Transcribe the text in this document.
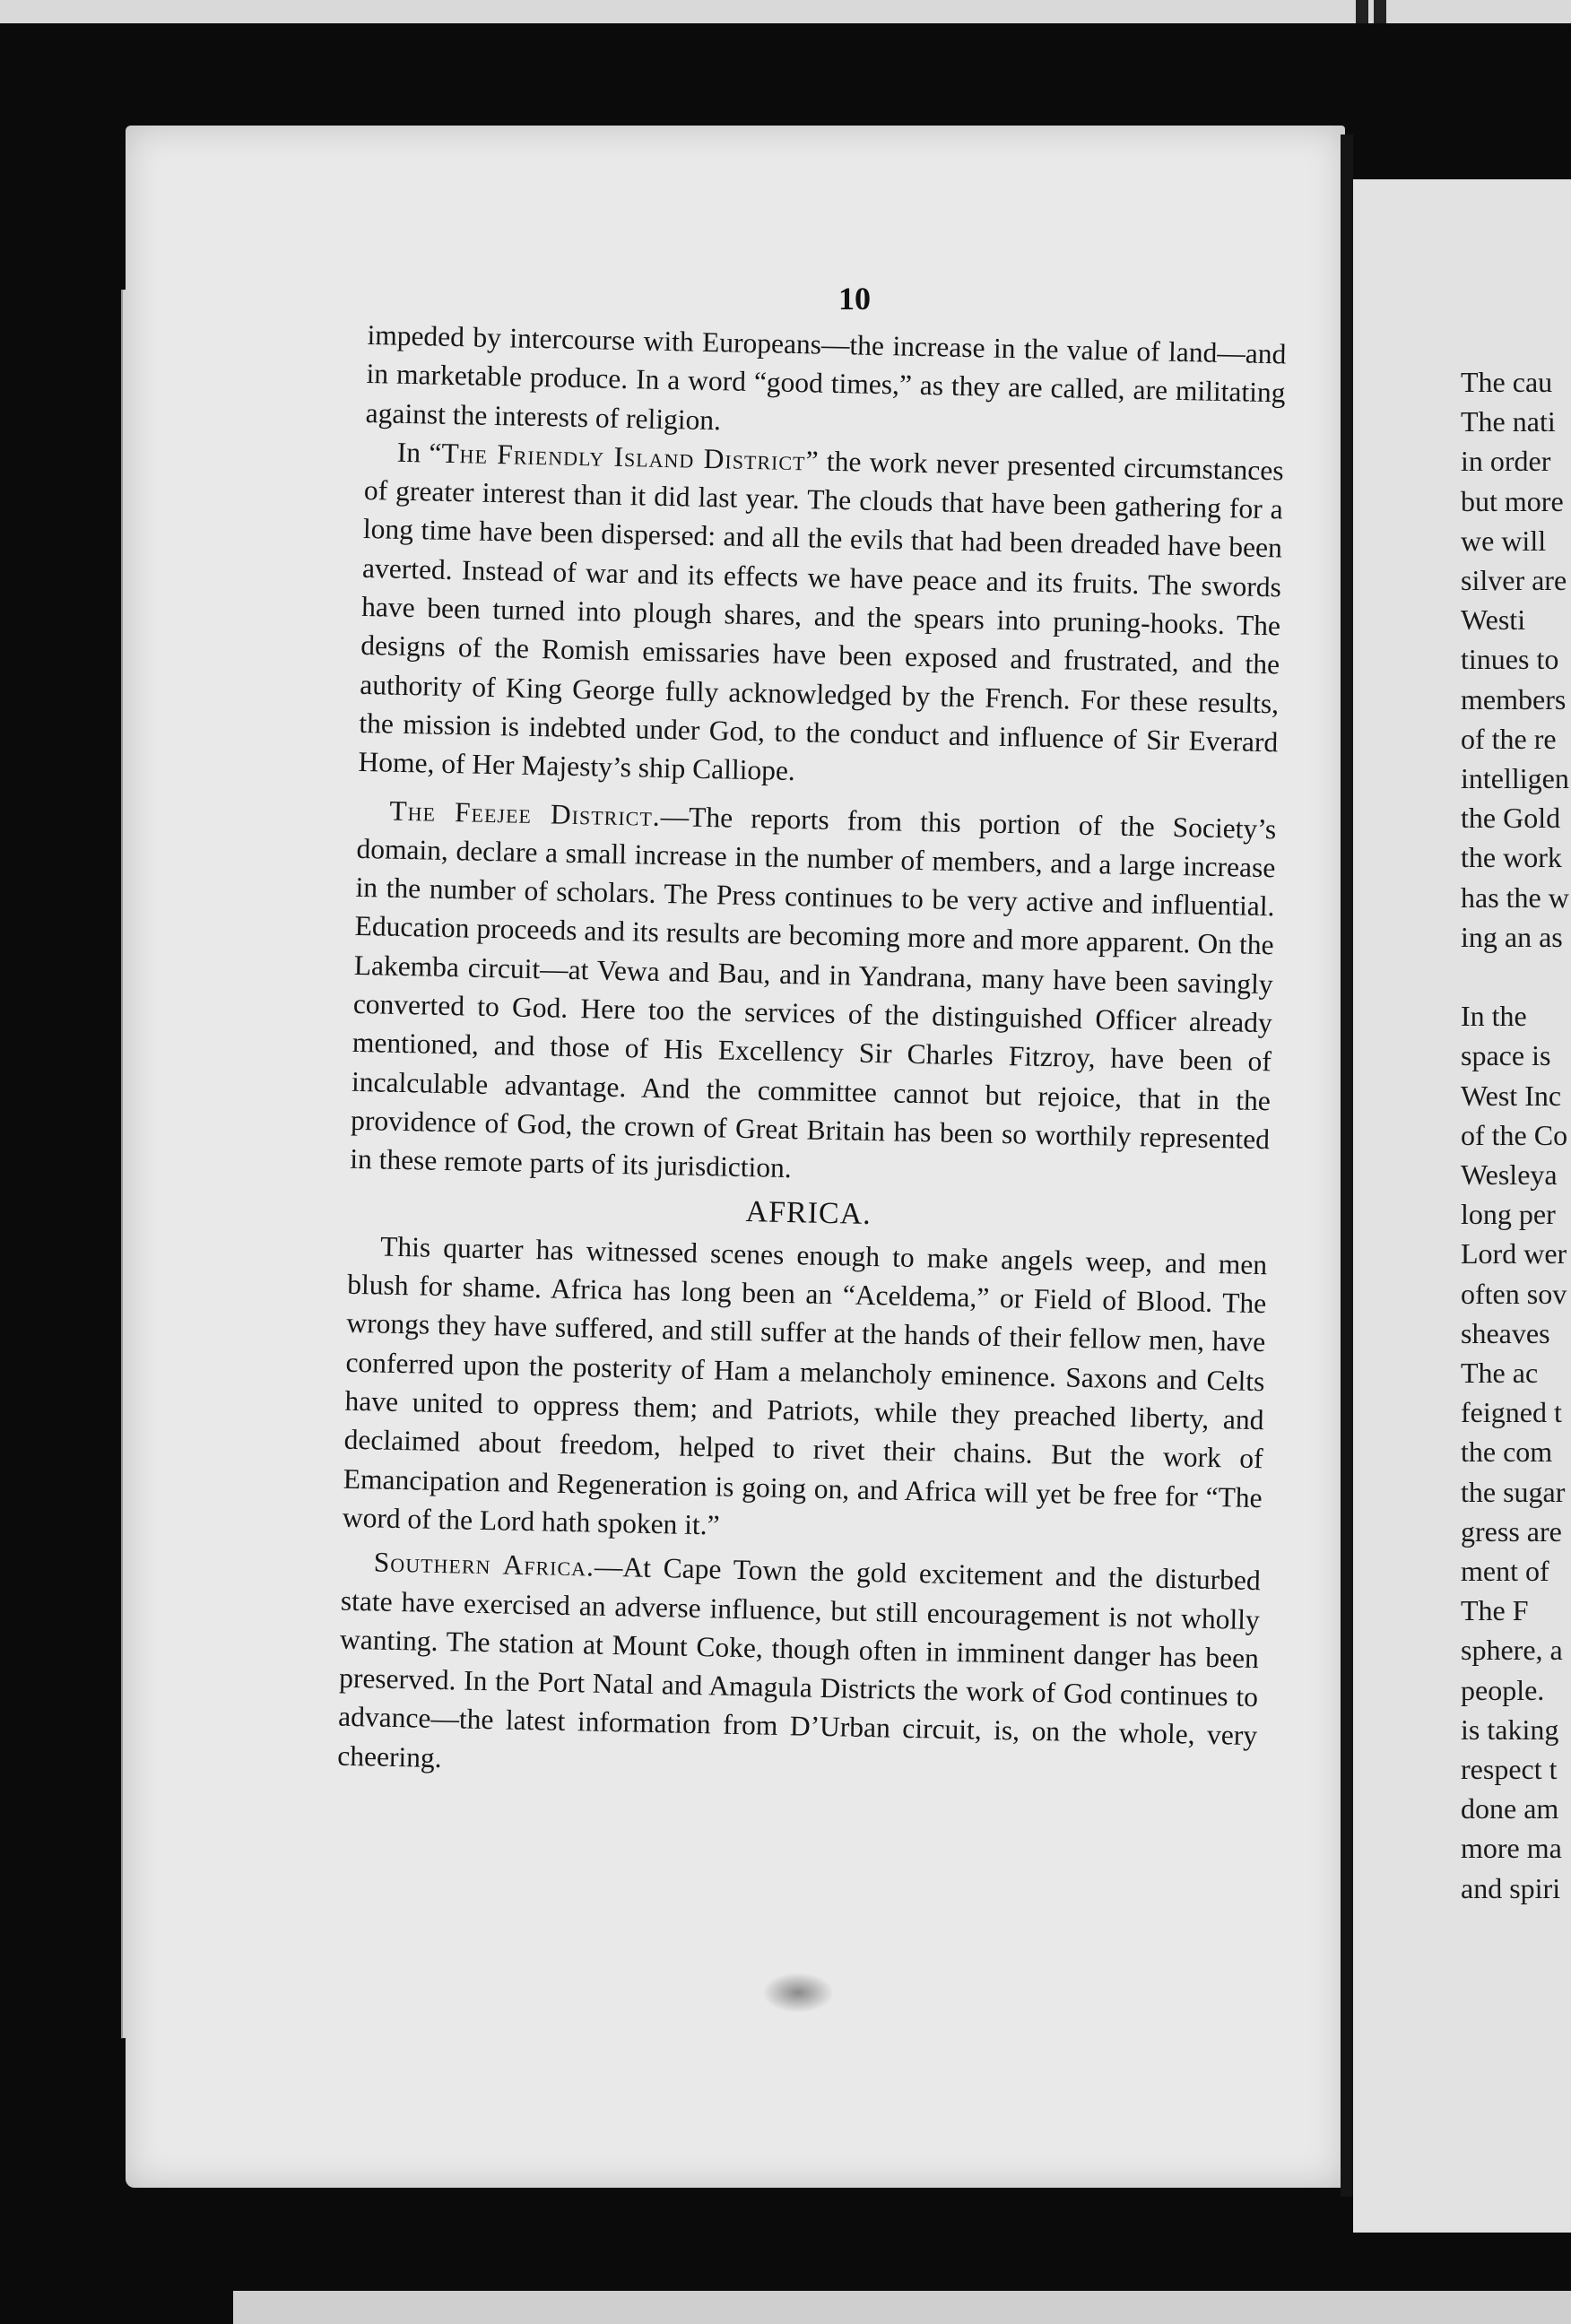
The cau
The nati
in order
but more
we will
silver are
Westi
tinues to
members
of the re
intelligen
the Gold
the work
has the w
ing an as
In the
space is
West Inc
of the Co
Wesleya
long per
Lord wer
often sov
sheaves
The ac
feigned t
the com
the sugar
gress are
ment of
The F
sphere, a
people.
is taking
respect t
done am
more ma
and spiri
10

impeded by intercourse with Europeans—the increase in the value of land—and in marketable produce. In a word “good times,” as they are called, are militating against the interests of religion.

In “The Friendly Island District” the work never presented circumstances of greater interest than it did last year. The clouds that have been gathering for a long time have been dispersed: and all the evils that had been dreaded have been averted. Instead of war and its effects we have peace and its fruits. The swords have been turned into plough shares, and the spears into pruning-hooks. The designs of the Romish emissaries have been exposed and frustrated, and the authority of King George fully acknowledged by the French. For these results, the mission is indebted under God, to the conduct and influence of Sir Everard Home, of Her Majesty’s ship Calliope.

The Feejee District.—The reports from this portion of the Society’s domain, declare a small increase in the number of members, and a large increase in the number of scholars. The Press continues to be very active and influential. Education proceeds and its results are becoming more and more apparent. On the Lakemba circuit—at Vewa and Bau, and in Yandrana, many have been savingly converted to God. Here too the services of the distinguished Officer already mentioned, and those of His Excellency Sir Charles Fitzroy, have been of incalculable advantage. And the committee cannot but rejoice, that in the providence of God, the crown of Great Britain has been so worthily represented in these remote parts of its jurisdiction.

AFRICA.

This quarter has witnessed scenes enough to make angels weep, and men blush for shame. Africa has long been an “Aceldema,” or Field of Blood. The wrongs they have suffered, and still suffer at the hands of their fellow men, have conferred upon the posterity of Ham a melancholy eminence. Saxons and Celts have united to oppress them; and Patriots, while they preached liberty, and declaimed about freedom, helped to rivet their chains. But the work of Emancipation and Regeneration is going on, and Africa will yet be free for “The word of the Lord hath spoken it.”

Southern Africa.—At Cape Town the gold excitement and the disturbed state have exercised an adverse influence, but still encouragement is not wholly wanting. The station at Mount Coke, though often in imminent danger has been preserved. In the Port Natal and Amagula Districts the work of God continues to advance—the latest information from D’Urban circuit, is, on the whole, very cheering.
